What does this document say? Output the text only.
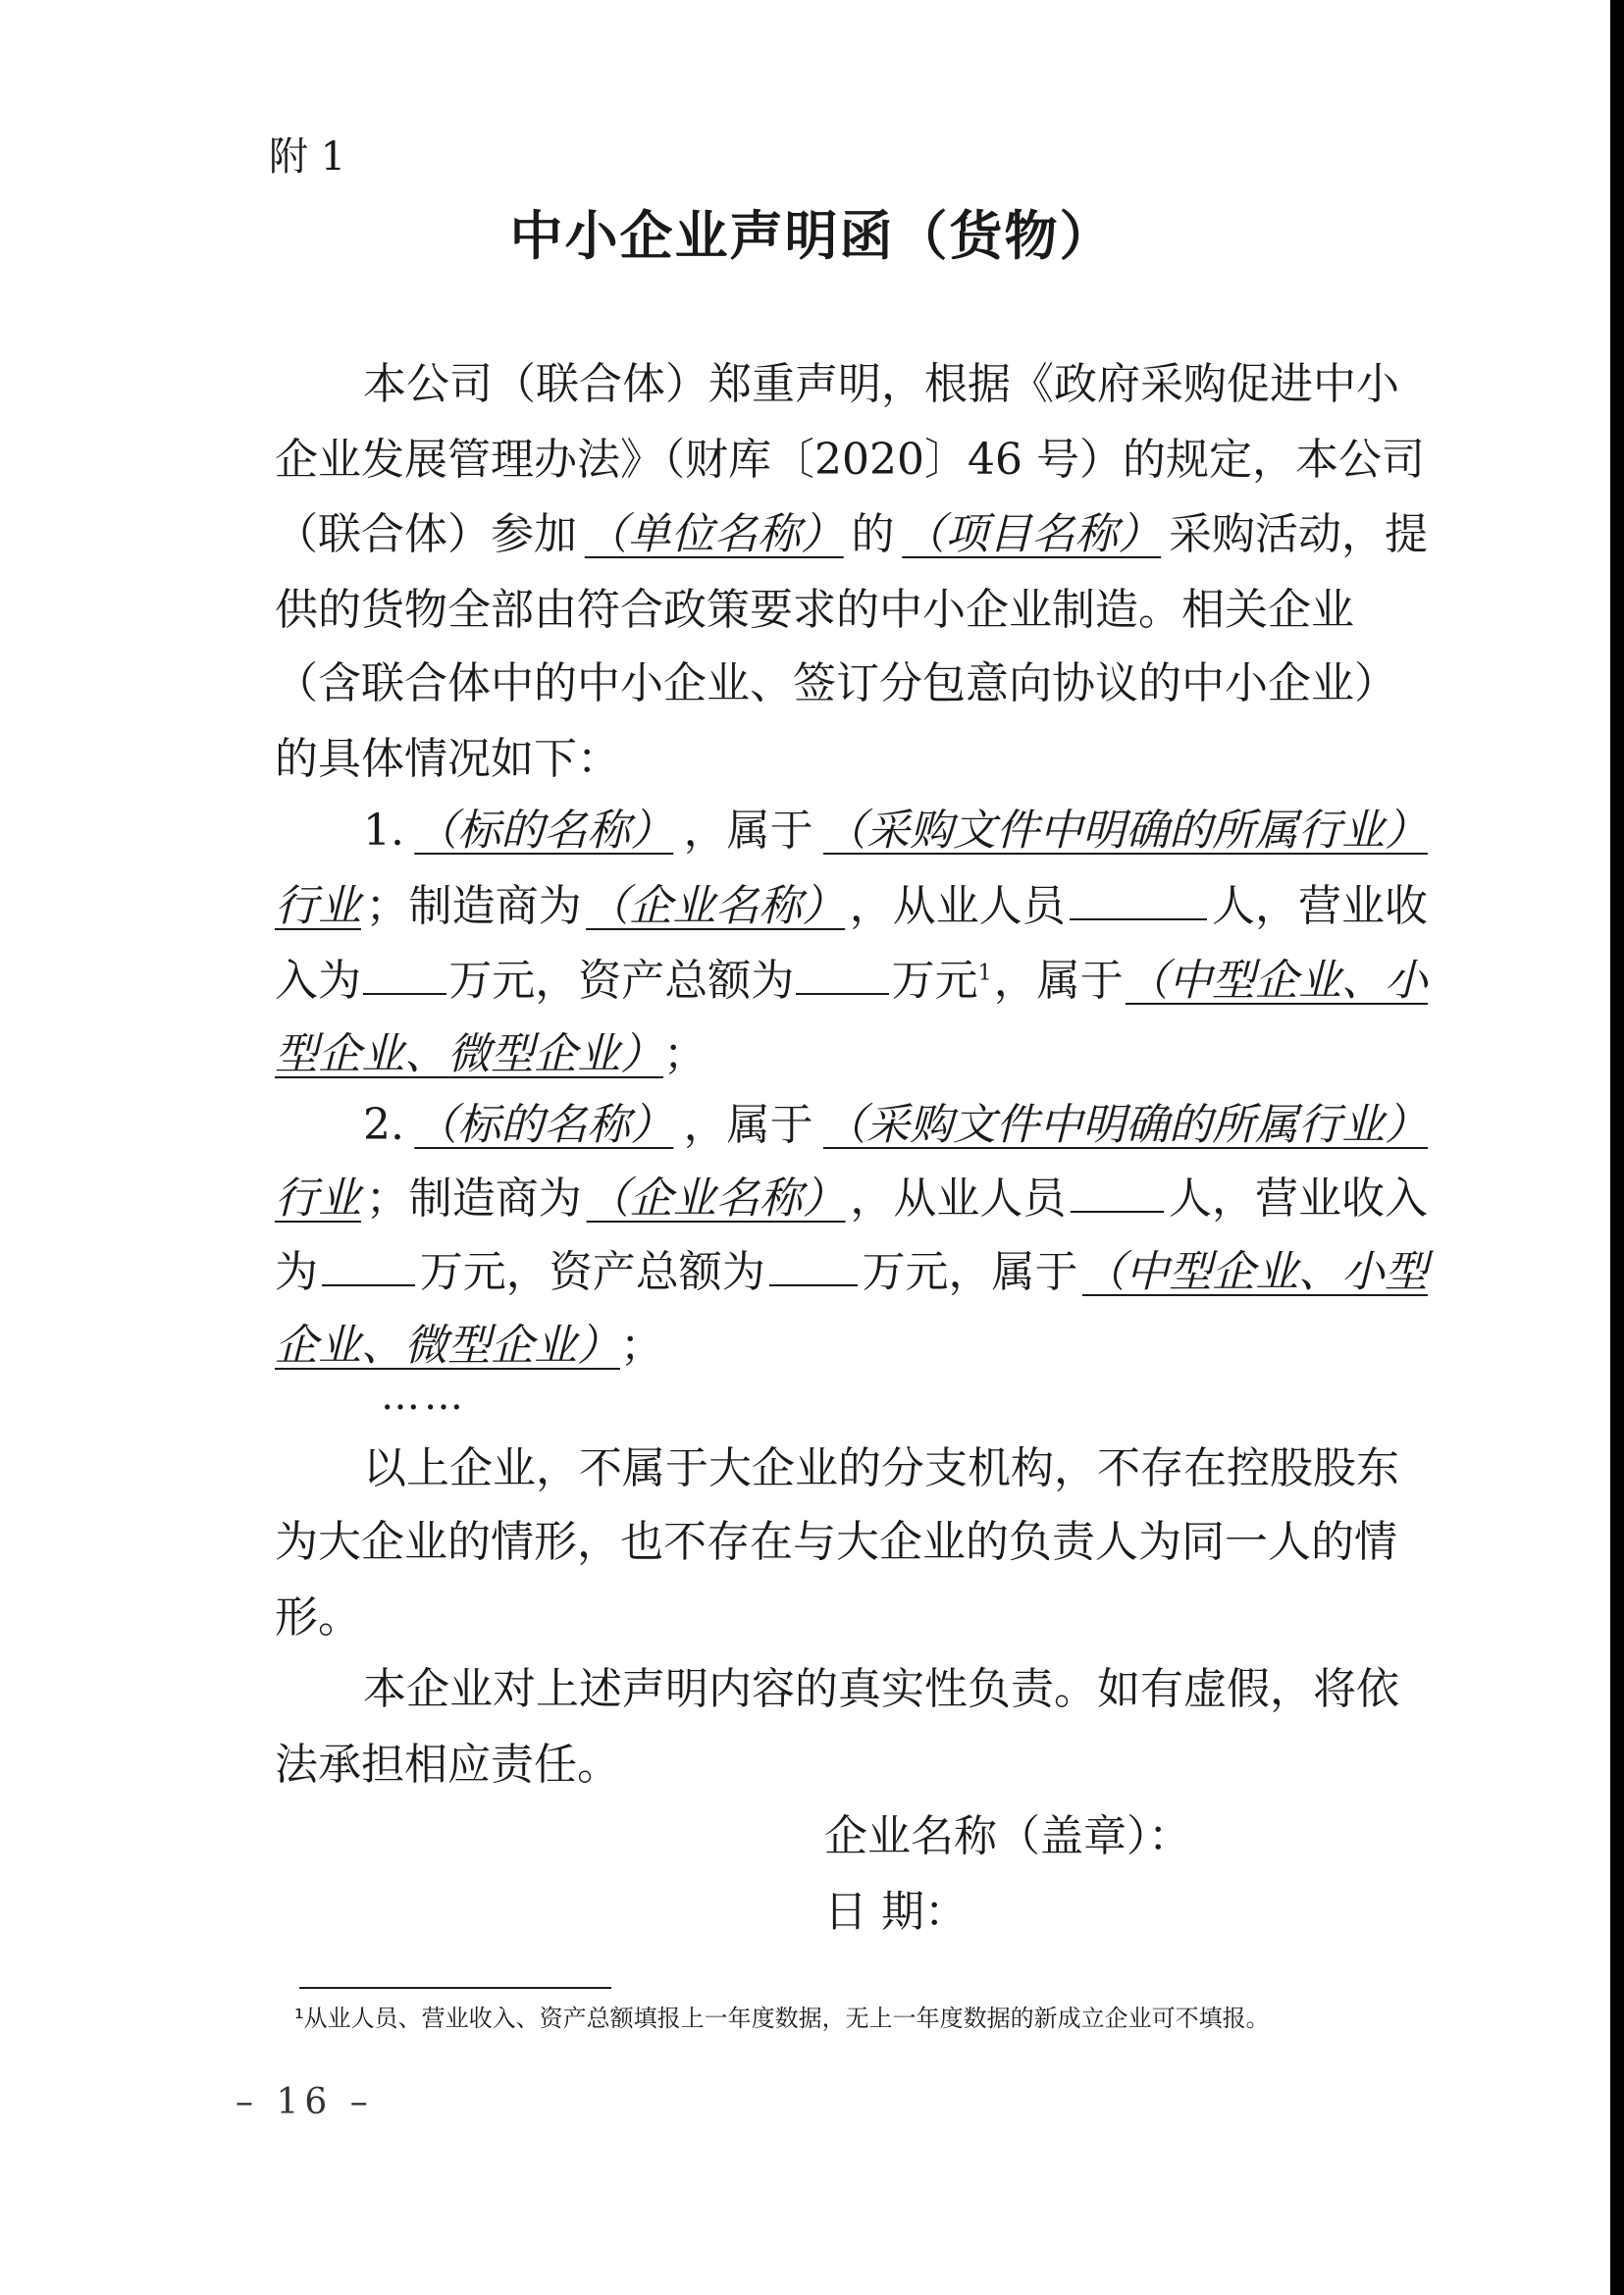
附 1
中小企业声明函（货物）
本公司（联合体）郑重声明，根据《政府采购促进中小
企业发展管理办法》（财库〔2020〕46 号）的规定，本公司
（联合体）参加 （单位名称） 的 （项目名称） 采购活动，提
供的货物全部由符合政策要求的中小企业制造。相关企业
（含联合体中的中小企业、签订分包意向协议的中小企业）
的具体情况如下：
1. （标的名称） ，属于 （采购文件中明确的所属行业）
行业 ；制造商为 （企业名称） ，从业人员	人，营业收
入为 万元，资产总额为 万元$^1$ ，属于 （中型企业、小
型企业、微型企业） ；
2. （标的名称） ，属于 （采购文件中明确的所属行业）
行业 ；制造商为 （企业名称） ，从业人员 人，营业收入
为 万元，资产总额为 万元，属于 （中型企业、小型
企业、微型企业） ；
……
以上企业，不属于大企业的分支机构，不存在控股股东
为大企业的情形，也不存在与大企业的负责人为同一人的情
形。
本企业对上述声明内容的真实性负责。如有虚假，将依
法承担相应责任。
企业名称（盖章）：
日 期：
¹从业人员、营业收入、资产总额填报上一年度数据，无上一年度数据的新成立企业可不填报。
– 16 –
